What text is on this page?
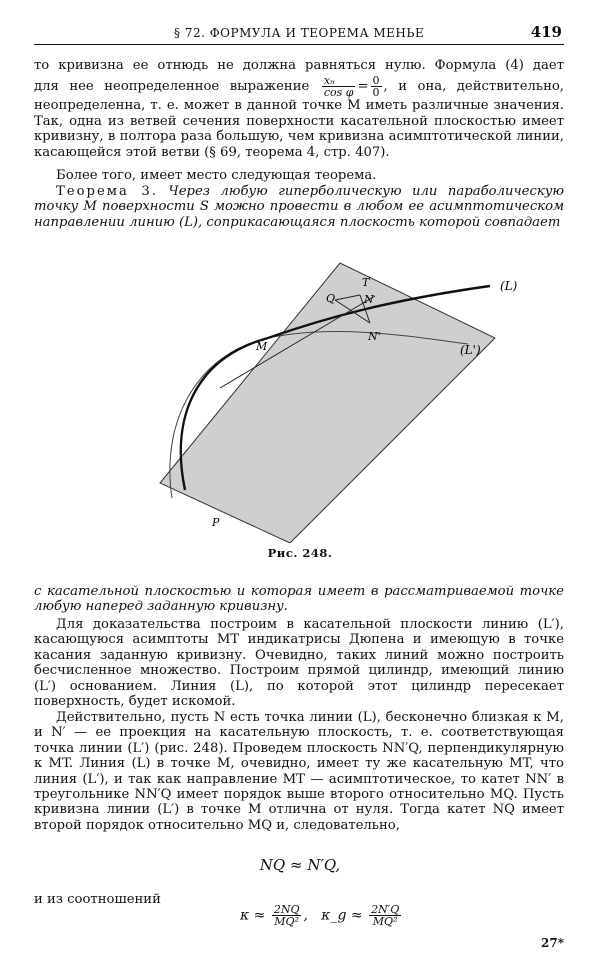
§ 72. ФОРМУЛА И ТЕОРЕМА МЕНЬЕ	419

то кривизна ее отнюдь не должна равняться нулю. Формула (4) дает

для нее неопределенное выражение $\frac{\text{xₙ}}{\text{cos φ}} = \frac{0}{0}$ , и она, действительно,

неопределенна, т. е. может в данной точке M иметь различные значения. Так, одна из ветвей сечения поверхности касательной плоскостью имеет кривизну, в полтора раза большую, чем кривизна асимптотической линии, касающейся этой ветви (§ 69, теорема 4, стр. 407).

Более того, имеет место следующая теорема.

Теорема 3. Через любую гиперболическую или параболическую точку M поверхности S можно провести в любом ее асимптотическом направлении линию (L), соприкасающаяся плоскость которой совпадает

(L)
(L')
T
Q	N
N'
M
P
Рис. 248.

с касательной плоскостью и которая имеет в рассматриваемой точке любую наперед заданную кривизну.

Для доказательства построим в касательной плоскости линию (L′), касающуюся асимптоты MT индикатрисы Дюпена и имеющую в точке касания заданную кривизну. Очевидно, таких линий можно построить бесчисленное множество. Построим прямой цилиндр, имеющий линию (L′) основанием. Линия (L), по которой этот цилиндр пересекает поверхность, будет искомой.

Действительно, пусть N есть точка линии (L), бесконечно близкая к M, и N′ — ее проекция на касательную плоскость, т. е. соответствующая точка линии (L′) (рис. 248). Проведем плоскость NN′Q, перпендикулярную к MT. Линия (L) в точке M, очевидно, имеет ту же касательную MT, что линия (L′), и так как направление MT — асимптотическое, то катет NN′ в треугольнике NN′Q имеет порядок выше второго относительно MQ. Пусть кривизна линии (L′) в точке M отлична от нуля. Тогда катет NQ имеет второй порядок относительно MQ и, следовательно,

NQ ≈ N′Q,
и из соотношений
$\kappa \approx \frac{2NQ}{\text{MQ²}}$ , κ_g ≈ $\frac{2N'Q}{\text{MQ²}}$
27*
